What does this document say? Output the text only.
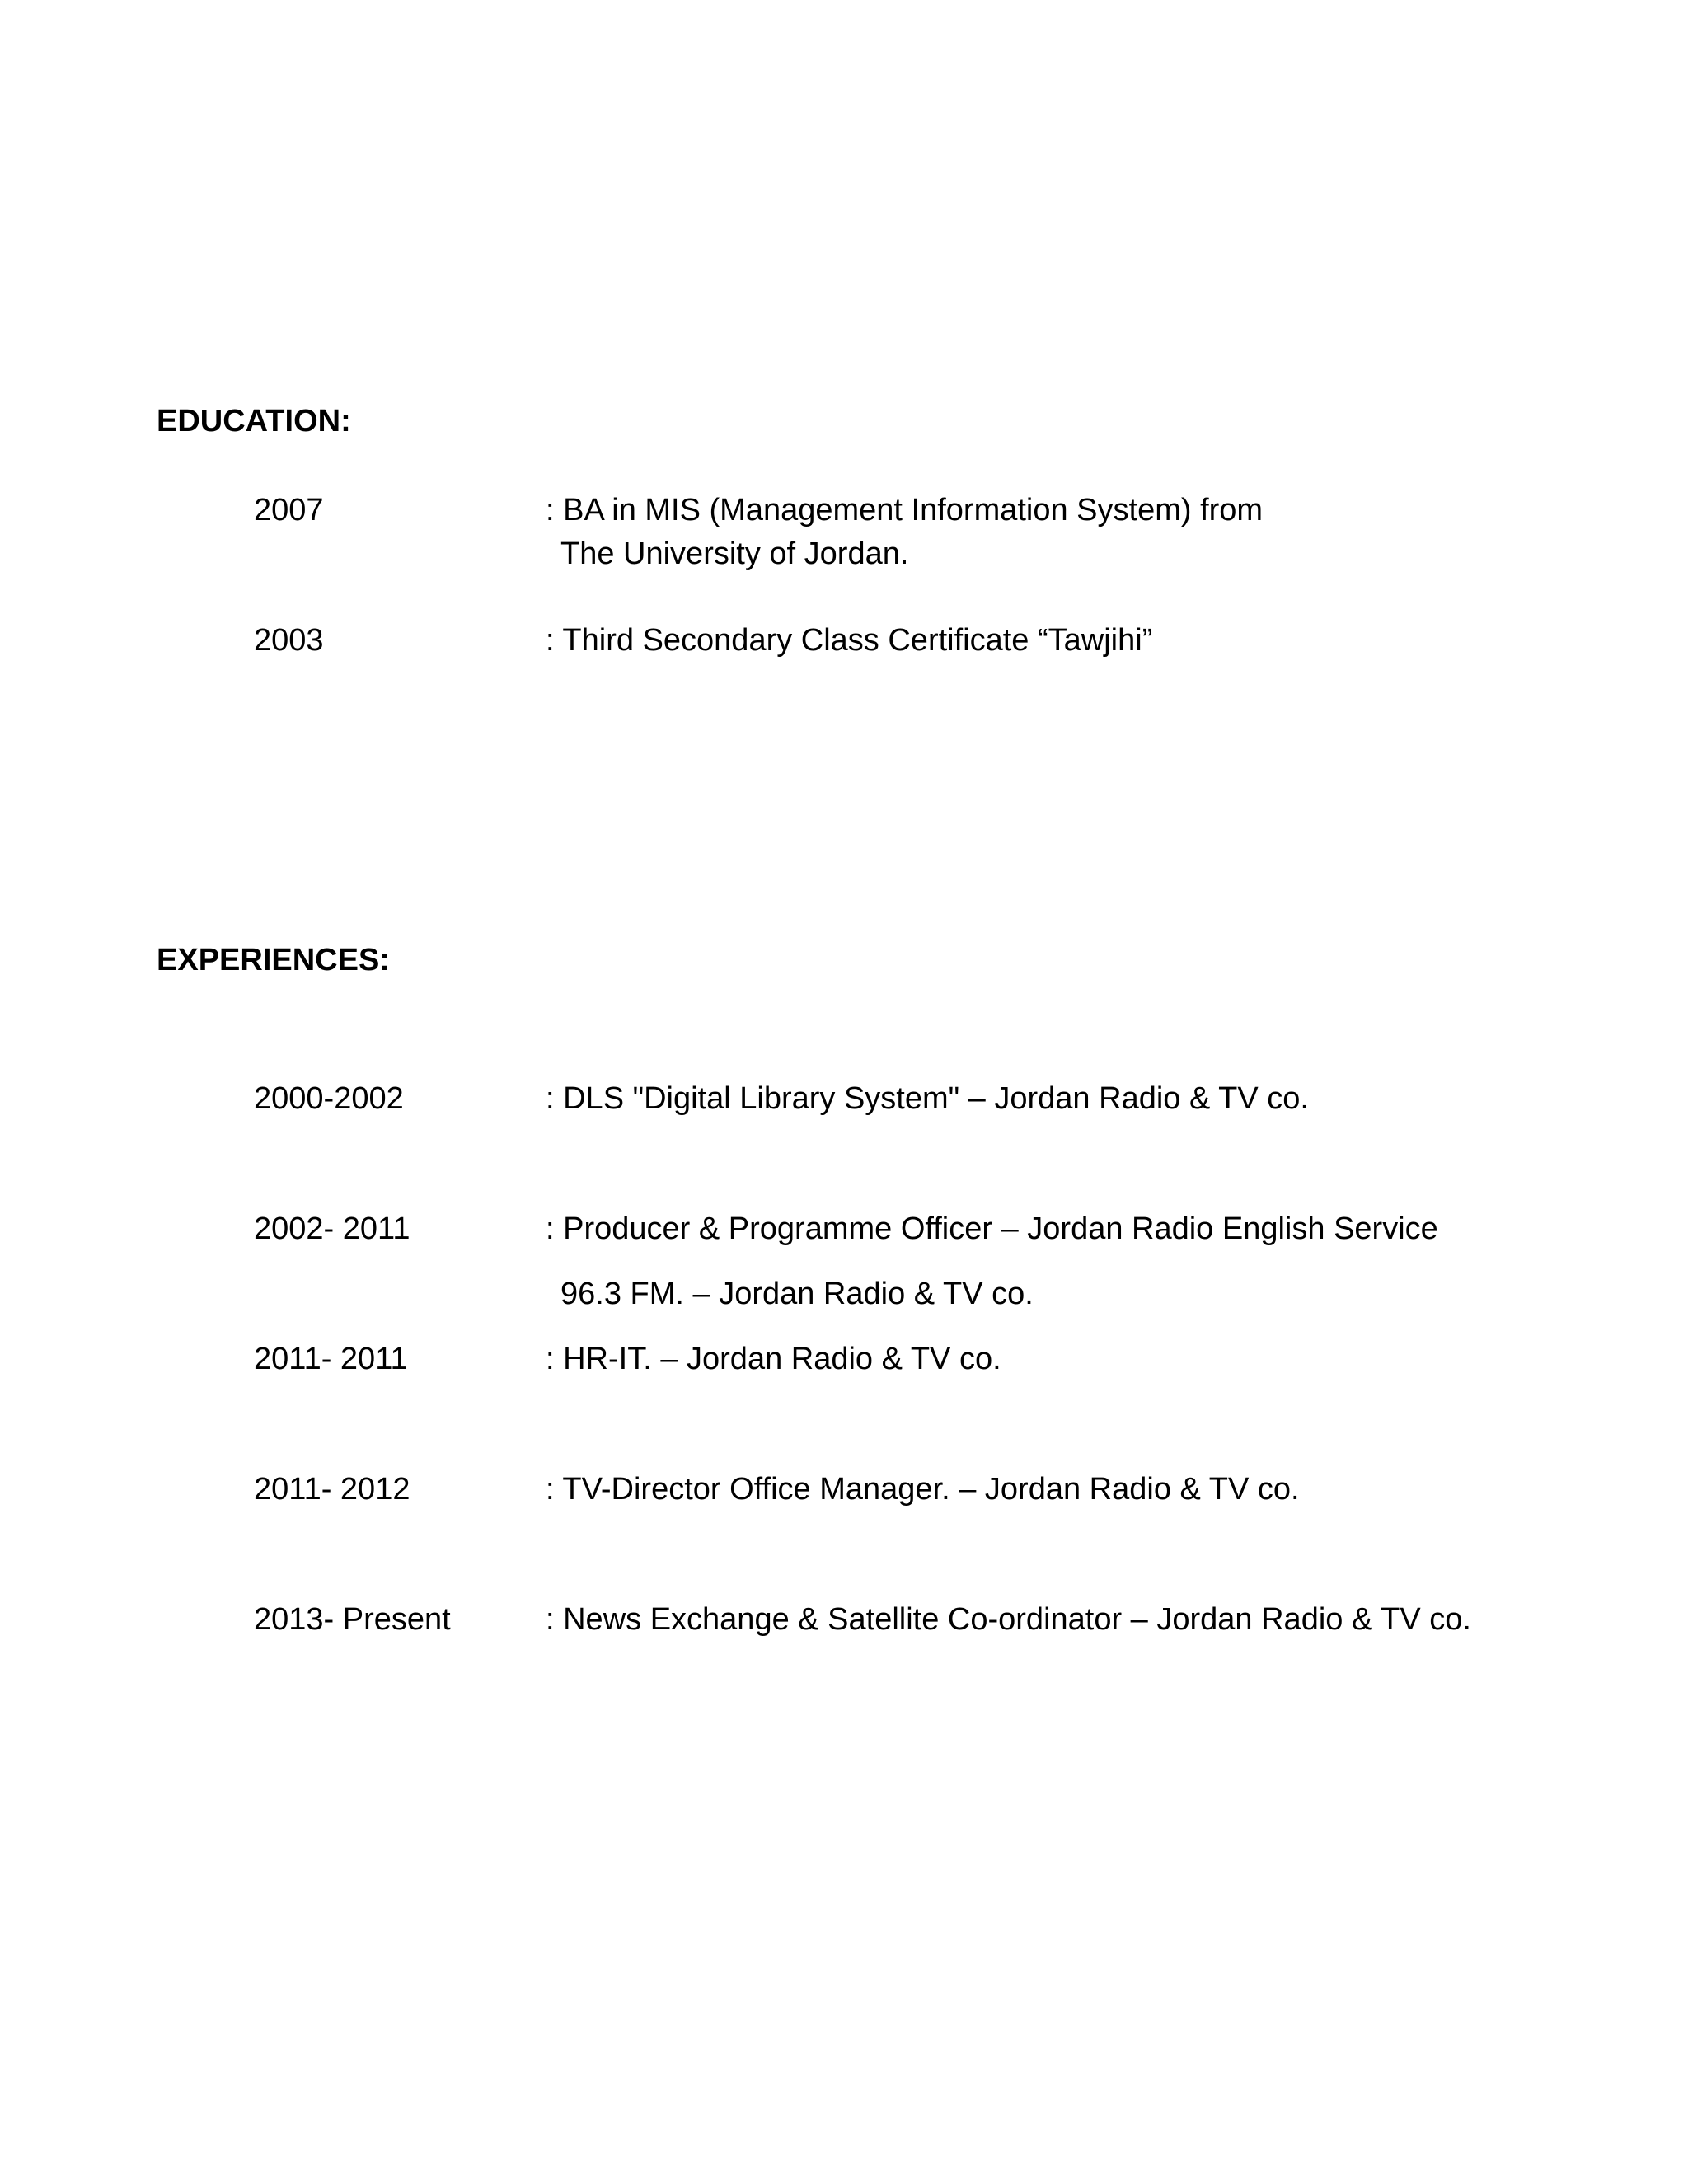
EDUCATION:
2007	: BA in MIS (Management Information System) from
The University of Jordan.
2003	: Third Secondary Class Certificate “Tawjihi”
EXPERIENCES:
2000-2002	: DLS "Digital Library System" – Jordan Radio & TV co.
2002- 2011	: Producer & Programme Officer – Jordan Radio English Service
96.3 FM. – Jordan Radio & TV co.
2011- 2011	: HR-IT. – Jordan Radio & TV co.
2011- 2012	: TV-Director Office Manager. – Jordan Radio & TV co.
2013- Present	: News Exchange & Satellite Co-ordinator – Jordan Radio & TV co.
